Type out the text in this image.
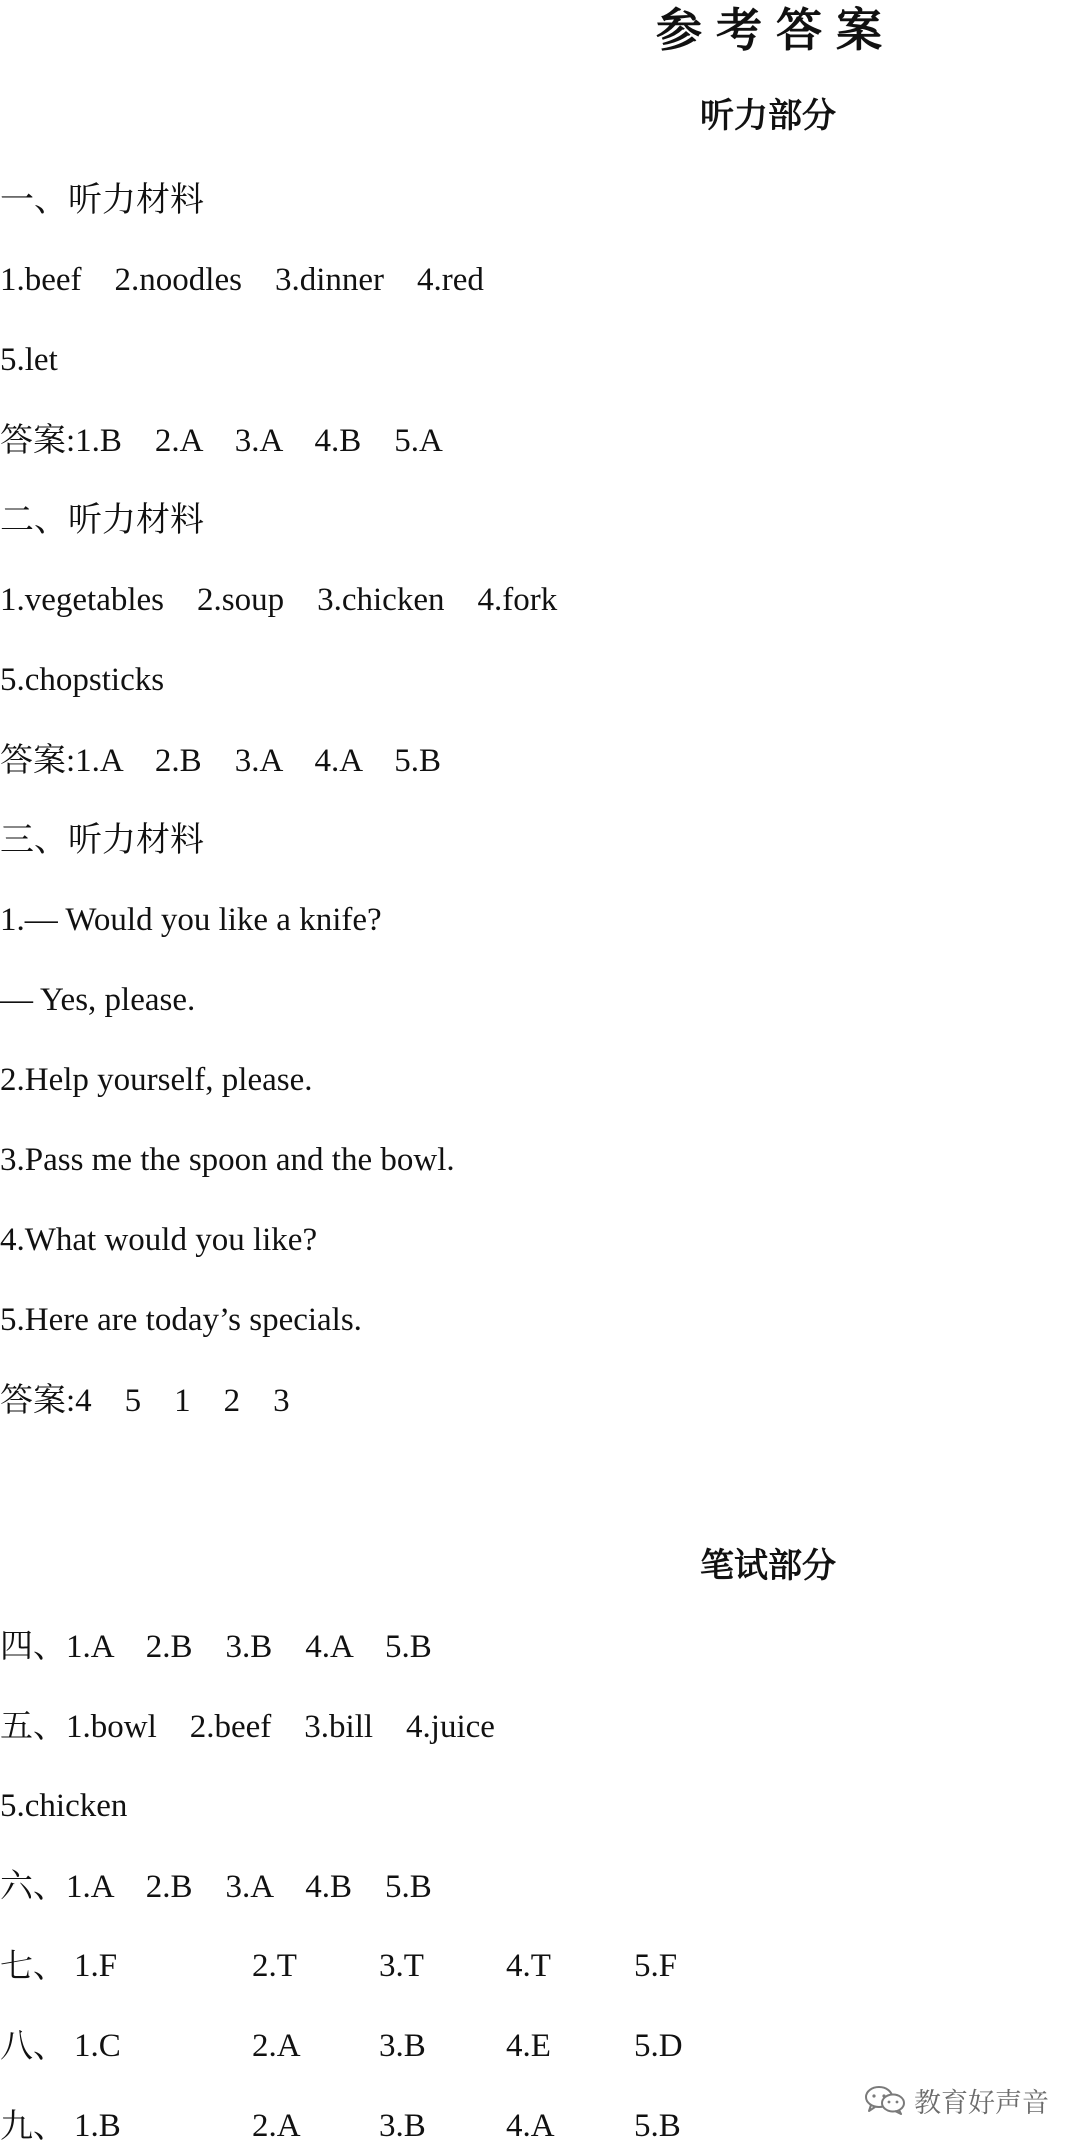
参考答案
听力部分
一、听力材料
1.beef    2.noodles    3.dinner    4.red
5.let
答案:1.B    2.A    3.A    4.B    5.A
二、听力材料
1.vegetables    2.soup    3.chicken    4.fork
5.chopsticks
答案:1.A    2.B    3.A    4.A    5.B
三、听力材料
1.— Would you like a knife?
— Yes, please.
2.Help yourself, please.
3.Pass me the spoon and the bowl.
4.What would you like?
5.Here are today’s specials.
答案:4    5    1    2    3
笔试部分
四、1.A    2.B    3.B    4.A    5.B
五、1.bowl    2.beef    3.bill    4.juice
5.chicken
六、1.A    2.B    3.A    4.B    5.B
七、 1.F	2.T 3.T 4.T	5.F
八、 1.C	2.A 3.B 4.E	5.D
九、 1.B	2.A 3.B 4.A 5.B
教育好声音
